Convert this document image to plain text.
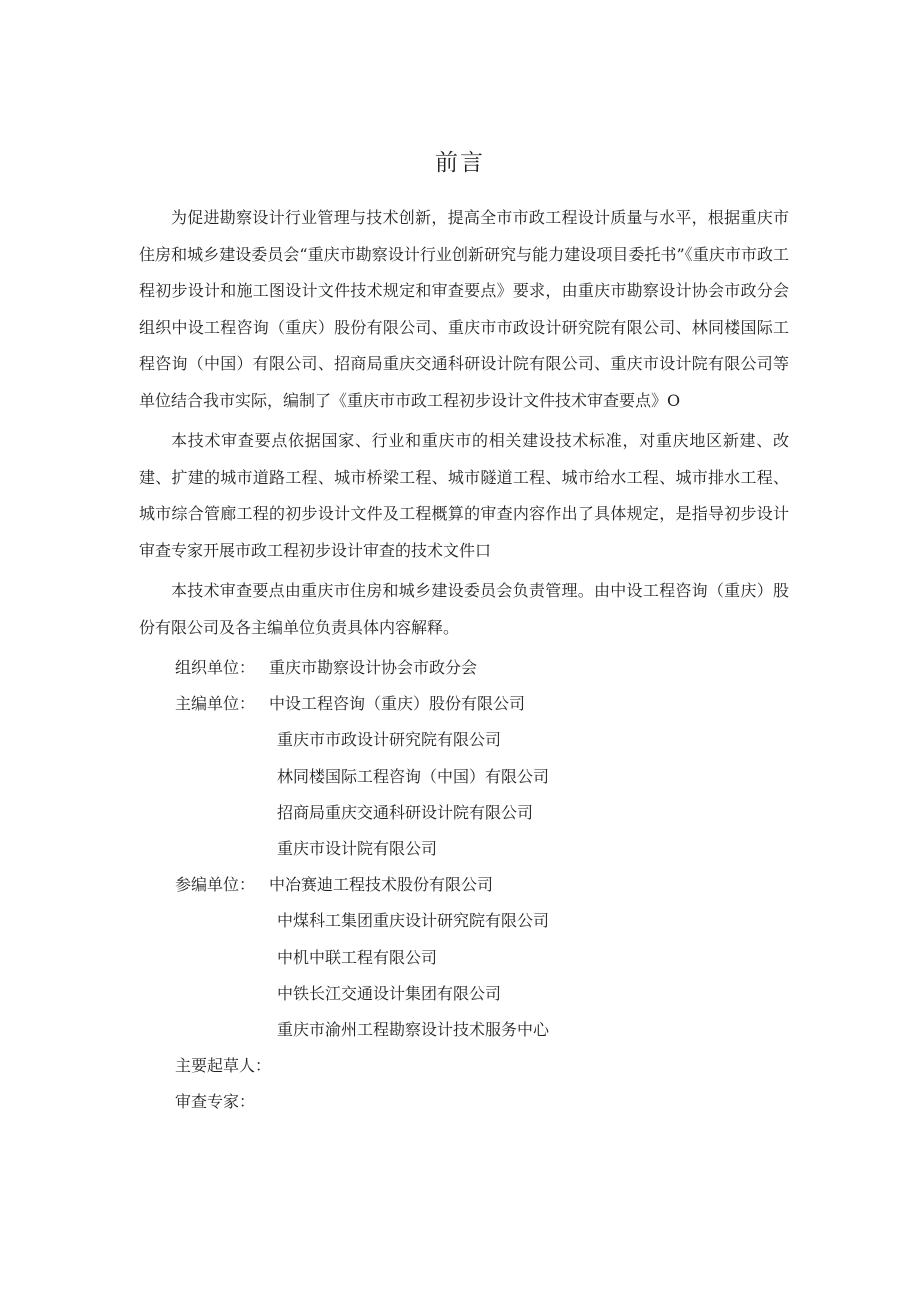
前言

为促进勘察设计行业管理与技术创新，提高全市市政工程设计质量与水平，根据重庆市住房和城乡建设委员会“重庆市勘察设计行业创新研究与能力建设项目委托书”《重庆市市政工程初步设计和施工图设计文件技术规定和审查要点》要求，由重庆市勘察设计协会市政分会组织中设工程咨询（重庆）股份有限公司、重庆市市政设计研究院有限公司、林同楼国际工程咨询（中国）有限公司、招商局重庆交通科研设计院有限公司、重庆市设计院有限公司等单位结合我市实际，编制了《重庆市市政工程初步设计文件技术审查要点》O

本技术审查要点依据国家、行业和重庆市的相关建设技术标准，对重庆地区新建、改建、扩建的城市道路工程、城市桥梁工程、城市隧道工程、城市给水工程、城市排水工程、城市综合管廊工程的初步设计文件及工程概算的审查内容作出了具体规定，是指导初步设计审查专家开展市政工程初步设计审查的技术文件口

本技术审查要点由重庆市住房和城乡建设委员会负责管理。由中设工程咨询（重庆）股份有限公司及各主编单位负责具体内容解释。

组织单位： 重庆市勘察设计协会市政分会
主编单位： 中设工程咨询（重庆）股份有限公司
重庆市市政设计研究院有限公司
林同楼国际工程咨询（中国）有限公司
招商局重庆交通科研设计院有限公司
重庆市设计院有限公司
参编单位： 中冶赛迪工程技术股份有限公司
中煤科工集团重庆设计研究院有限公司
中机中联工程有限公司
中铁长江交通设计集团有限公司
重庆市渝州工程勘察设计技术服务中心
主要起草人：
审查专家：
